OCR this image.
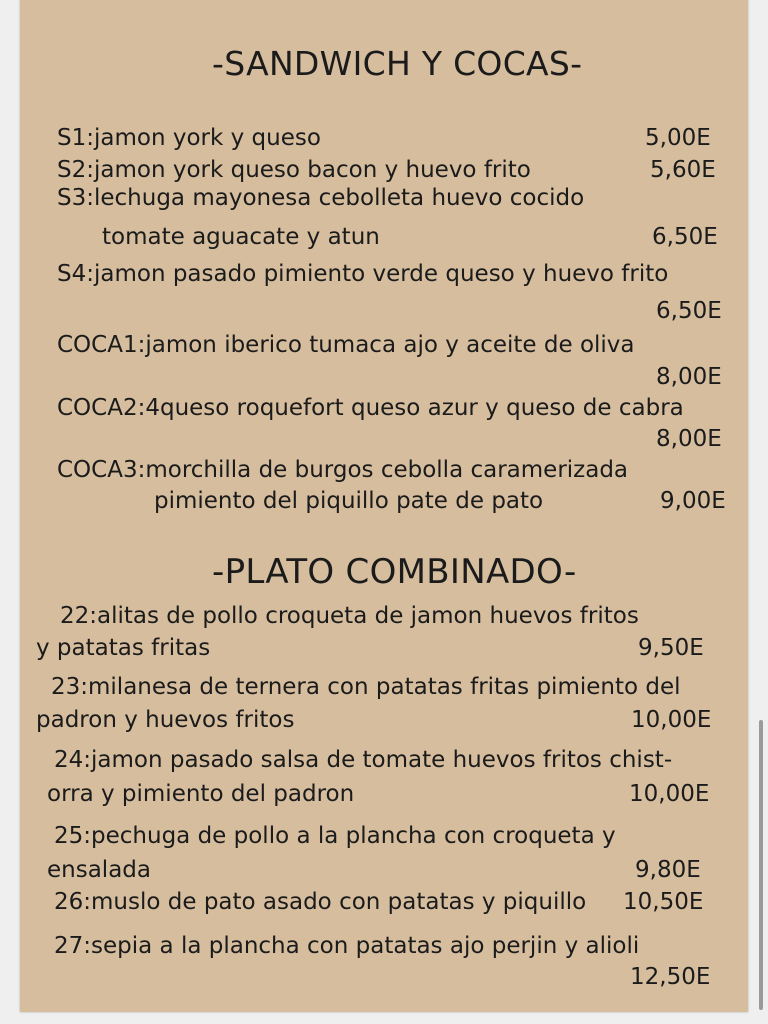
-SANDWICH Y COCAS-
S1:jamon york y queso	5,00E
S2:jamon york queso bacon y huevo frito	5,60E
S3:lechuga mayonesa cebolleta huevo cocido
tomate aguacate y atun	6,50E
S4:jamon pasado pimiento verde queso y huevo frito
6,50E
COCA1:jamon iberico tumaca ajo y aceite de oliva
8,00E
COCA2:4queso roquefort queso azur y queso de cabra
8,00E
COCA3:morchilla de burgos cebolla caramerizada
pimiento del piquillo pate de pato	9,00E
-PLATO COMBINADO-
22:alitas de pollo croqueta de jamon huevos fritos
y patatas fritas	9,50E
23:milanesa de ternera con patatas fritas pimiento del
padron y huevos fritos	10,00E
24:jamon pasado salsa de tomate huevos fritos chist-
orra y pimiento del padron	10,00E
25:pechuga de pollo a la plancha con croqueta y
ensalada	9,80E
26:muslo de pato asado con patatas y piquillo 10,50E
27:sepia a la plancha con patatas ajo perjin y alioli
12,50E
